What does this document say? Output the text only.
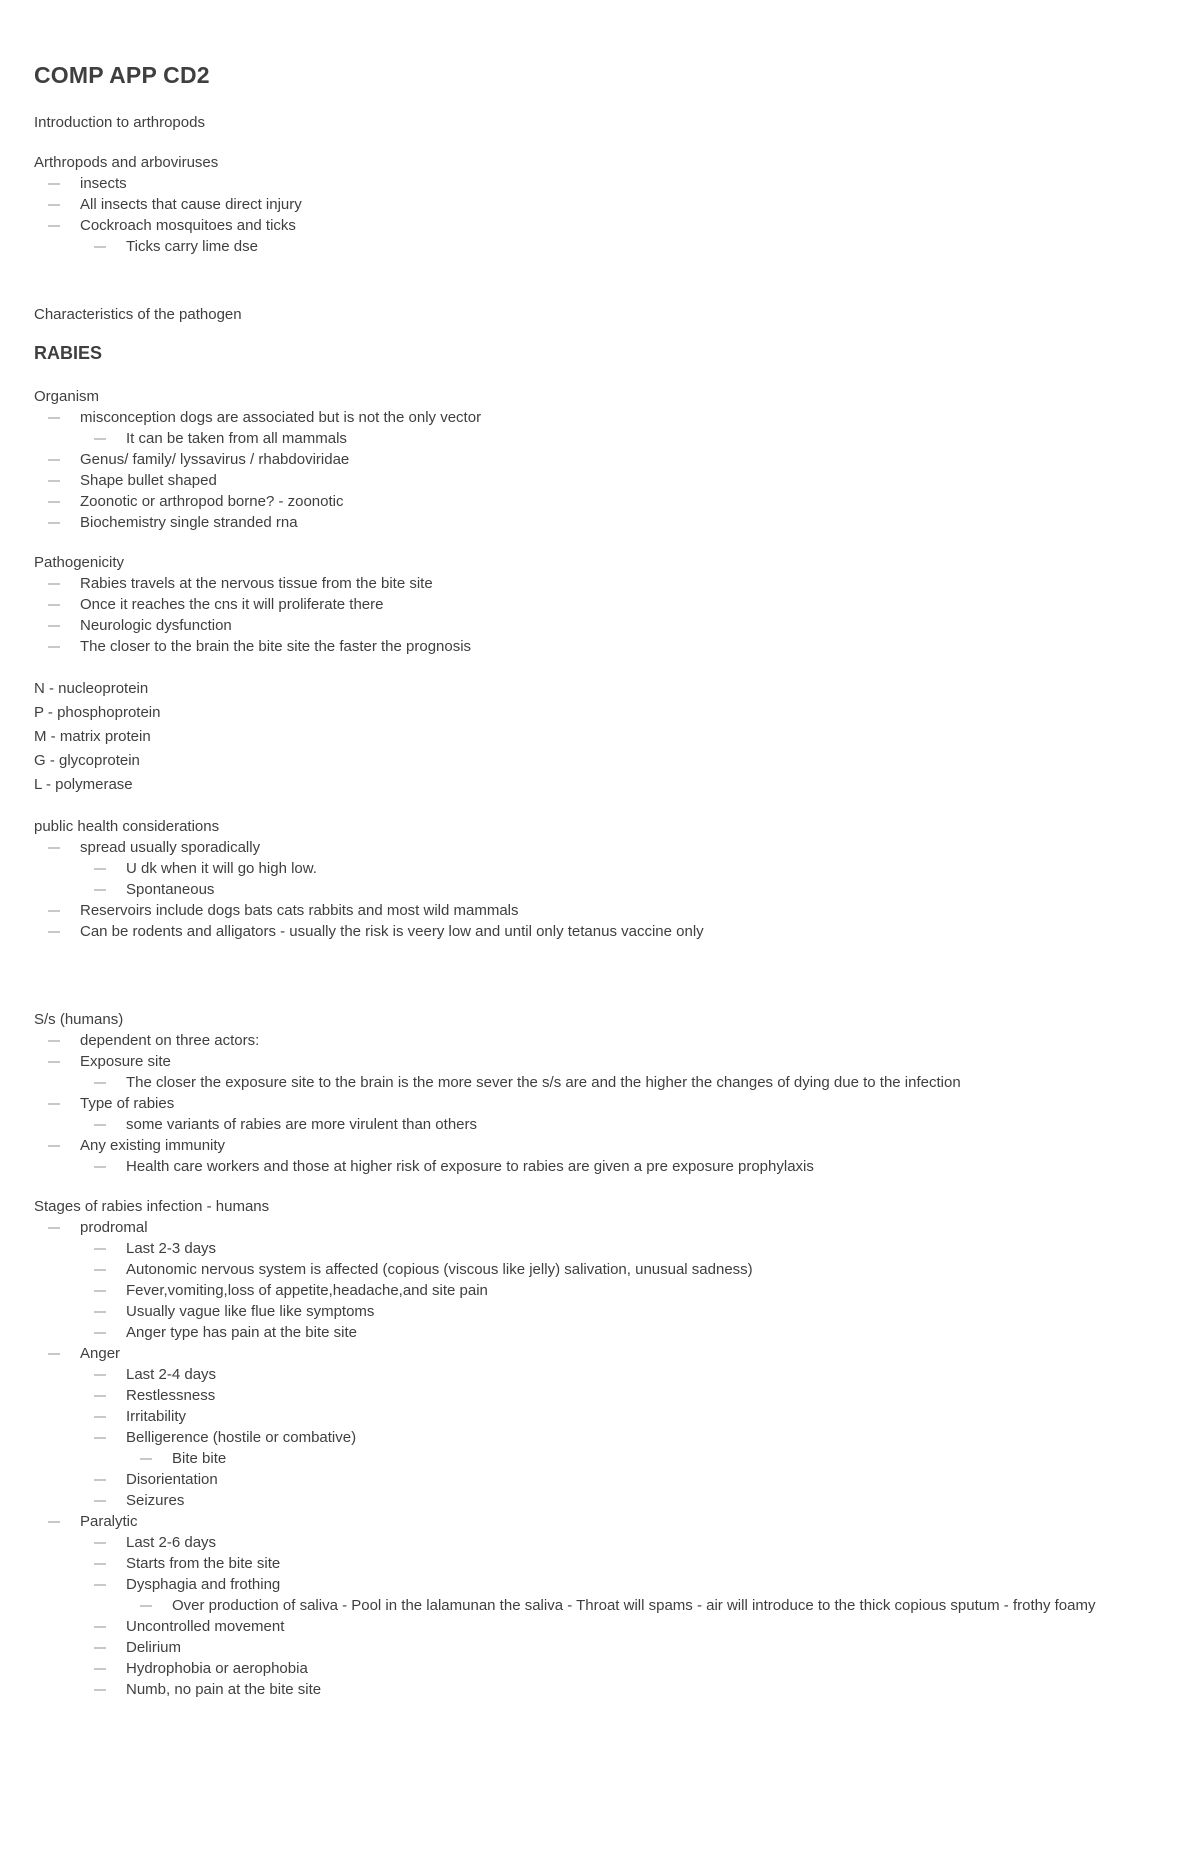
COMP APP CD2

Introduction to arthropods

Arthropods and arboviruses

insects
All insects that cause direct injury
Cockroach mosquitoes and ticks
Ticks carry lime dse

Characteristics of the pathogen

RABIES

Organism

misconception dogs are associated but is not the only vector
It can be taken from all mammals
Genus/ family/ lyssavirus / rhabdoviridae
Shape bullet shaped
Zoonotic or arthropod borne? - zoonotic
Biochemistry single stranded rna

Pathogenicity

Rabies travels at the nervous tissue from the bite site
Once it reaches the cns it will proliferate there
Neurologic dysfunction
The closer to the brain the bite site the faster the prognosis

N - nucleoprotein

P - phosphoprotein

M - matrix protein

G - glycoprotein

L - polymerase

public health considerations

spread usually sporadically
U dk when it will go high low.
Spontaneous
Reservoirs include dogs bats cats rabbits and most wild mammals
Can be rodents and alligators - usually the risk is veery low and until only tetanus vaccine only

S/s (humans)

dependent on three actors:
Exposure site
The closer the exposure site to the brain is the more sever the s/s are and the higher the changes of dying due to the infection
Type of rabies
some variants of rabies are more virulent than others
Any existing immunity
Health care workers and those at higher risk of exposure to rabies are given a pre exposure prophylaxis

Stages of rabies infection - humans

prodromal
Last 2-3 days
Autonomic nervous system is affected (copious (viscous like jelly) salivation, unusual sadness)
Fever,vomiting,loss of appetite,headache,and site pain
Usually vague like flue like symptoms
Anger type has pain at the bite site
Anger
Last 2-4 days
Restlessness
Irritability
Belligerence (hostile or combative)
Bite bite
Disorientation
Seizures
Paralytic
Last 2-6 days
Starts from the bite site
Dysphagia and frothing
Over production of saliva - Pool in the lalamunan the saliva - Throat will spams - air will introduce to the thick copious sputum - frothy foamy
Uncontrolled movement
Delirium
Hydrophobia or aerophobia
Numb, no pain at the bite site
